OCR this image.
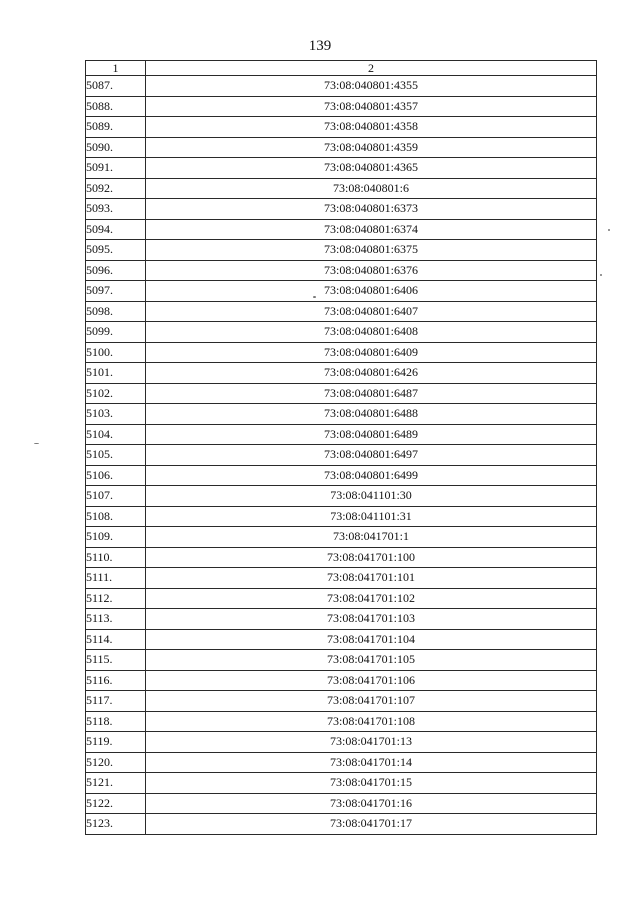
139
1	2
5087.	73:08:040801:4355
5088.	73:08:040801:4357
5089.	73:08:040801:4358
5090.	73:08:040801:4359
5091.	73:08:040801:4365
5092.	73:08:040801:6
5093.	73:08:040801:6373
5094.	73:08:040801:6374
5095.	73:08:040801:6375
5096.	73:08:040801:6376
5097.	73:08:040801:6406
5098.	73:08:040801:6407
5099.	73:08:040801:6408
5100.	73:08:040801:6409
5101.	73:08:040801:6426
5102.	73:08:040801:6487
5103.	73:08:040801:6488
5104.	73:08:040801:6489
5105.	73:08:040801:6497
5106.	73:08:040801:6499
5107.	73:08:041101:30
5108.	73:08:041101:31
5109.	73:08:041701:1
5110.	73:08:041701:100
5111.	73:08:041701:101
5112.	73:08:041701:102
5113.	73:08:041701:103
5114.	73:08:041701:104
5115.	73:08:041701:105
5116.	73:08:041701:106
5117.	73:08:041701:107
5118.	73:08:041701:108
5119.	73:08:041701:13
5120.	73:08:041701:14
5121.	73:08:041701:15
5122.	73:08:041701:16
5123.	73:08:041701:17
